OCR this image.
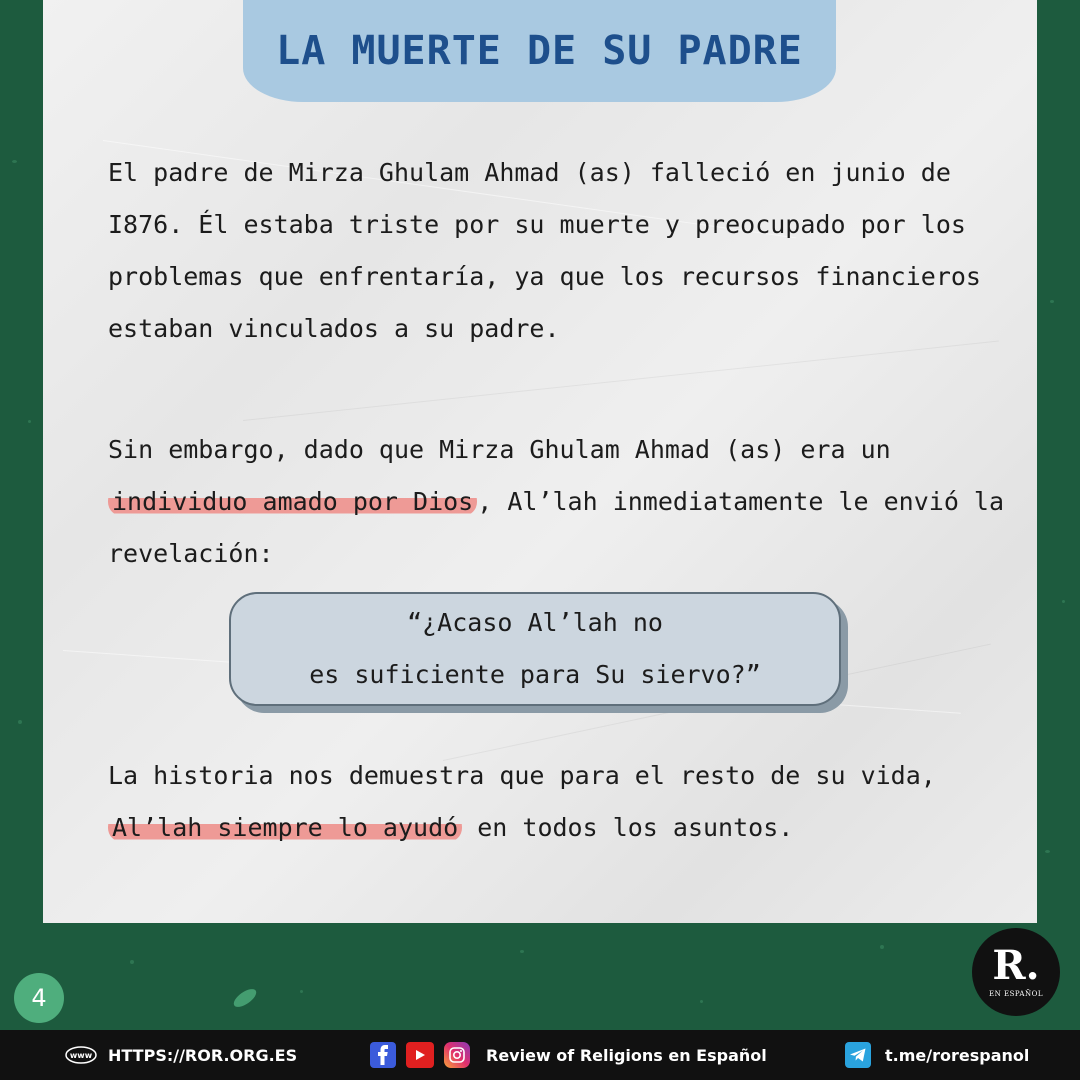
LA MUERTE DE SU PADRE
El padre de Mirza Ghulam Ahmad (as) falleció en junio de I876. Él estaba triste por su muerte y preocupado por los problemas que enfrentaría, ya que los recursos financieros estaban vinculados a su padre.
Sin embargo, dado que Mirza Ghulam Ahmad (as) era un individuo amado por Dios , Al’lah inmediatamente le envió la revelación:
“¿Acaso Al’lah no
es suficiente para Su siervo?”
La historia nos demuestra que para el resto de su vida, Al’lah siempre lo ayudó en todos los asuntos.
4
R.
EN ESPAÑOL
www HTTPS://ROR.ORG.ES	Review of Religions en Español	t.me/rorespanol
